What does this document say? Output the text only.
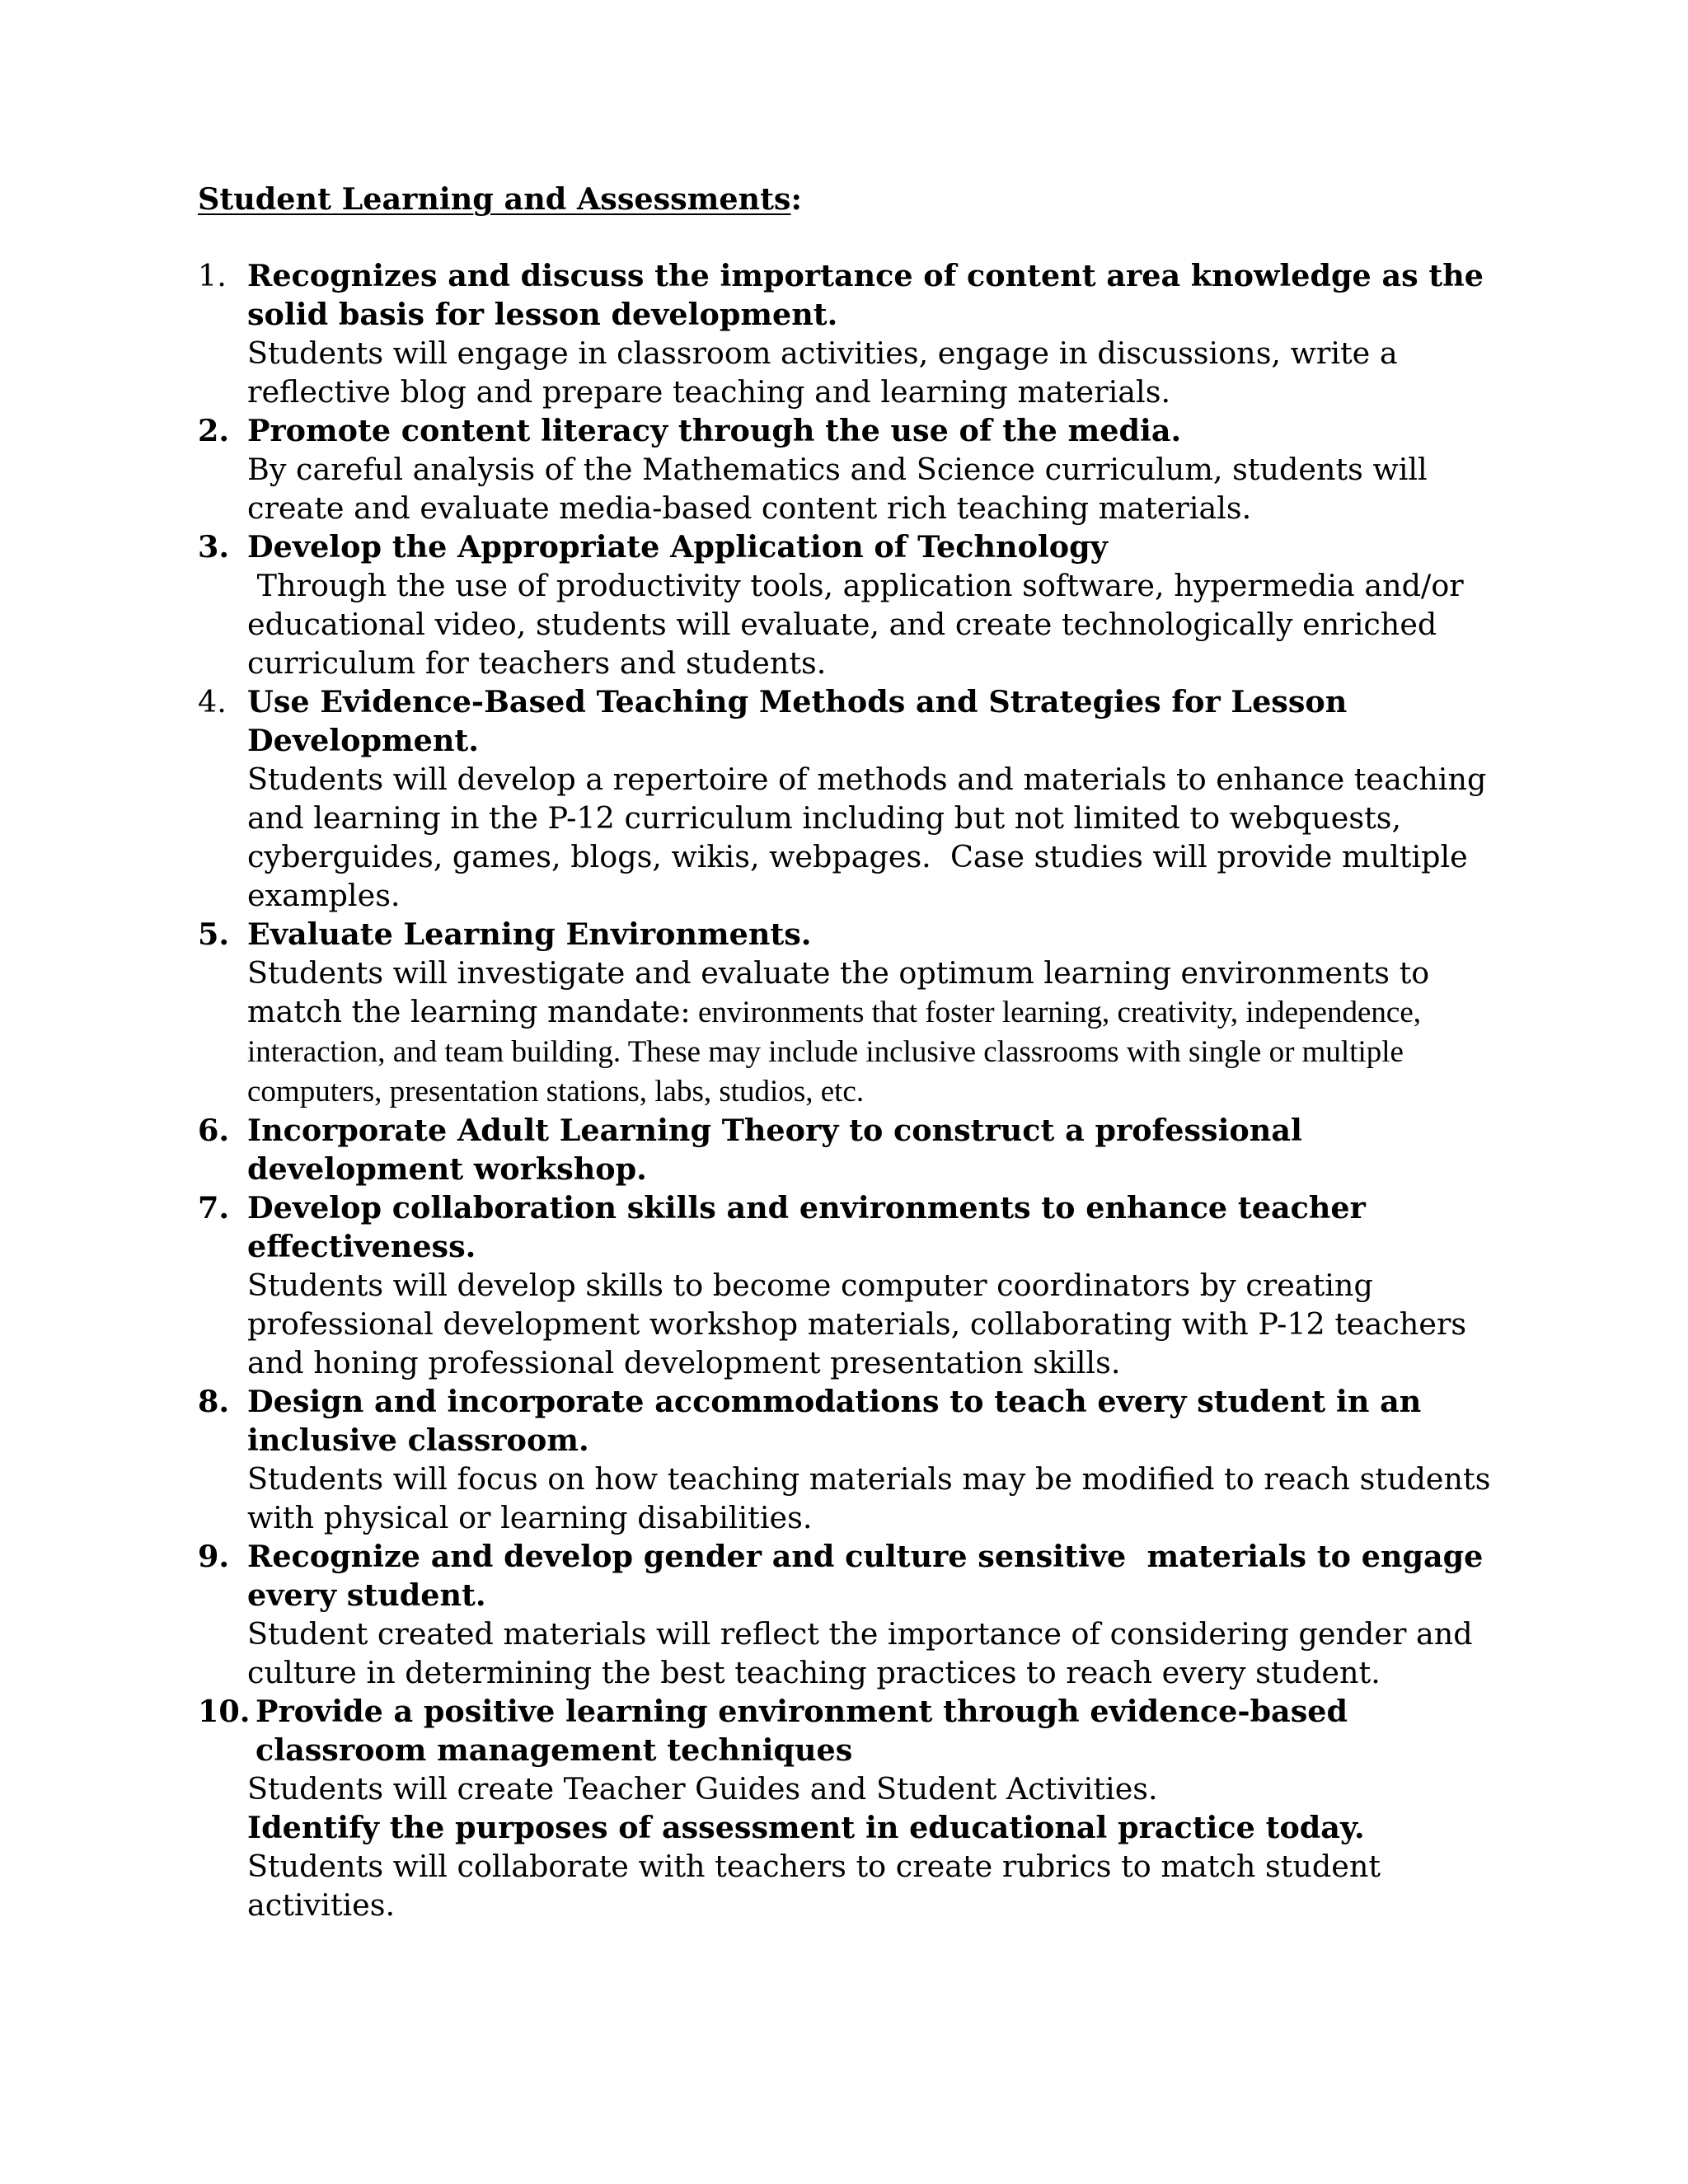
Student Learning and Assessments:
1. Recognizes and discuss the importance of content area knowledge as the solid basis for lesson development.
Students will engage in classroom activities, engage in discussions, write a reflective blog and prepare teaching and learning materials.
2. Promote content literacy through the use of the media.
By careful analysis of the Mathematics and Science curriculum, students will create and evaluate media-based content rich teaching materials.
3. Develop the Appropriate Application of Technology
Through the use of productivity tools, application software, hypermedia and/or educational video, students will evaluate, and create technologically enriched curriculum for teachers and students.
4. Use Evidence-Based Teaching Methods and Strategies for Lesson Development.
Students will develop a repertoire of methods and materials to enhance teaching and learning in the P-12 curriculum including but not limited to webquests, cyberguides, games, blogs, wikis, webpages.  Case studies will provide multiple examples.
5. Evaluate Learning Environments.
Students will investigate and evaluate the optimum learning environments to match the learning mandate: environments that foster learning, creativity, independence, interaction, and team building. These may include inclusive classrooms with single or multiple computers, presentation stations, labs, studios, etc.
6. Incorporate Adult Learning Theory to construct a professional development workshop.
7. Develop collaboration skills and environments to enhance teacher effectiveness.
Students will develop skills to become computer coordinators by creating professional development workshop materials, collaborating with P-12 teachers and honing professional development presentation skills.
8. Design and incorporate accommodations to teach every student in an inclusive classroom.
Students will focus on how teaching materials may be modified to reach students with physical or learning disabilities.
9. Recognize and develop gender and culture sensitive  materials to engage every student.
Student created materials will reflect the importance of considering gender and culture in determining the best teaching practices to reach every student.
10. Provide a positive learning environment through evidence-based classroom management techniques
Students will create Teacher Guides and Student Activities.
Identify the purposes of assessment in educational practice today.
Students will collaborate with teachers to create rubrics to match student activities.
